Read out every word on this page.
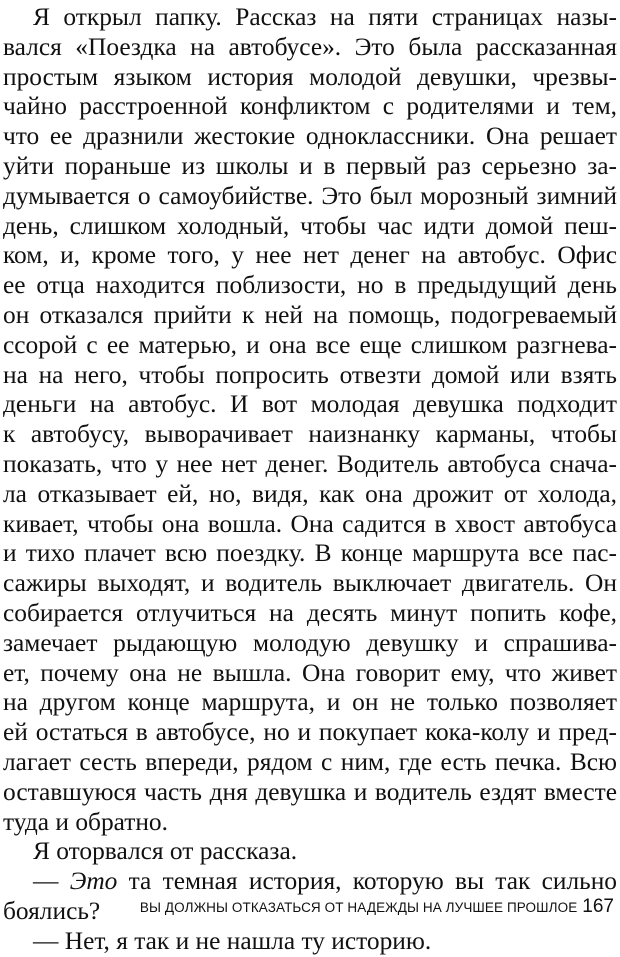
Я открыл папку. Рассказ на пяти страницах назы-
вался «Поездка на автобусе». Это была рассказанная
простым языком история молодой девушки, чрезвы-
чайно расстроенной конфликтом с родителями и тем,
что ее дразнили жестокие одноклассники. Она решает
уйти пораньше из школы и в первый раз серьезно за-
думывается о самоубийстве. Это был морозный зимний
день, слишком холодный, чтобы час идти домой пеш-
ком, и, кроме того, у нее нет денег на автобус. Офис
ее отца находится поблизости, но в предыдущий день
он отказался прийти к ней на помощь, подогреваемый
ссорой с ее матерью, и она все еще слишком разгнева-
на на него, чтобы попросить отвезти домой или взять
деньги на автобус. И вот молодая девушка подходит
к автобусу, выворачивает наизнанку карманы, чтобы
показать, что у нее нет денег. Водитель автобуса снача-
ла отказывает ей, но, видя, как она дрожит от холода,
кивает, чтобы она вошла. Она садится в хвост автобуса
и тихо плачет всю поездку. В конце маршрута все пас-
сажиры выходят, и водитель выключает двигатель. Он
собирается отлучиться на десять минут попить кофе,
замечает рыдающую молодую девушку и спрашива-
ет, почему она не вышла. Она говорит ему, что живет
на другом конце маршрута, и он не только позволяет
ей остаться в автобусе, но и покупает кока-колу и пред-
лагает сесть впереди, рядом с ним, где есть печка. Всю
оставшуюся часть дня девушка и водитель ездят вместе
туда и обратно.
Я оторвался от рассказа.
— Это та темная история, которую вы так сильно
боялись?
— Нет, я так и не нашла ту историю.
ВЫ ДОЛЖНЫ ОТКАЗАТЬСЯ ОТ НАДЕЖДЫ НА ЛУЧШЕЕ ПРОШЛОЕ 167
